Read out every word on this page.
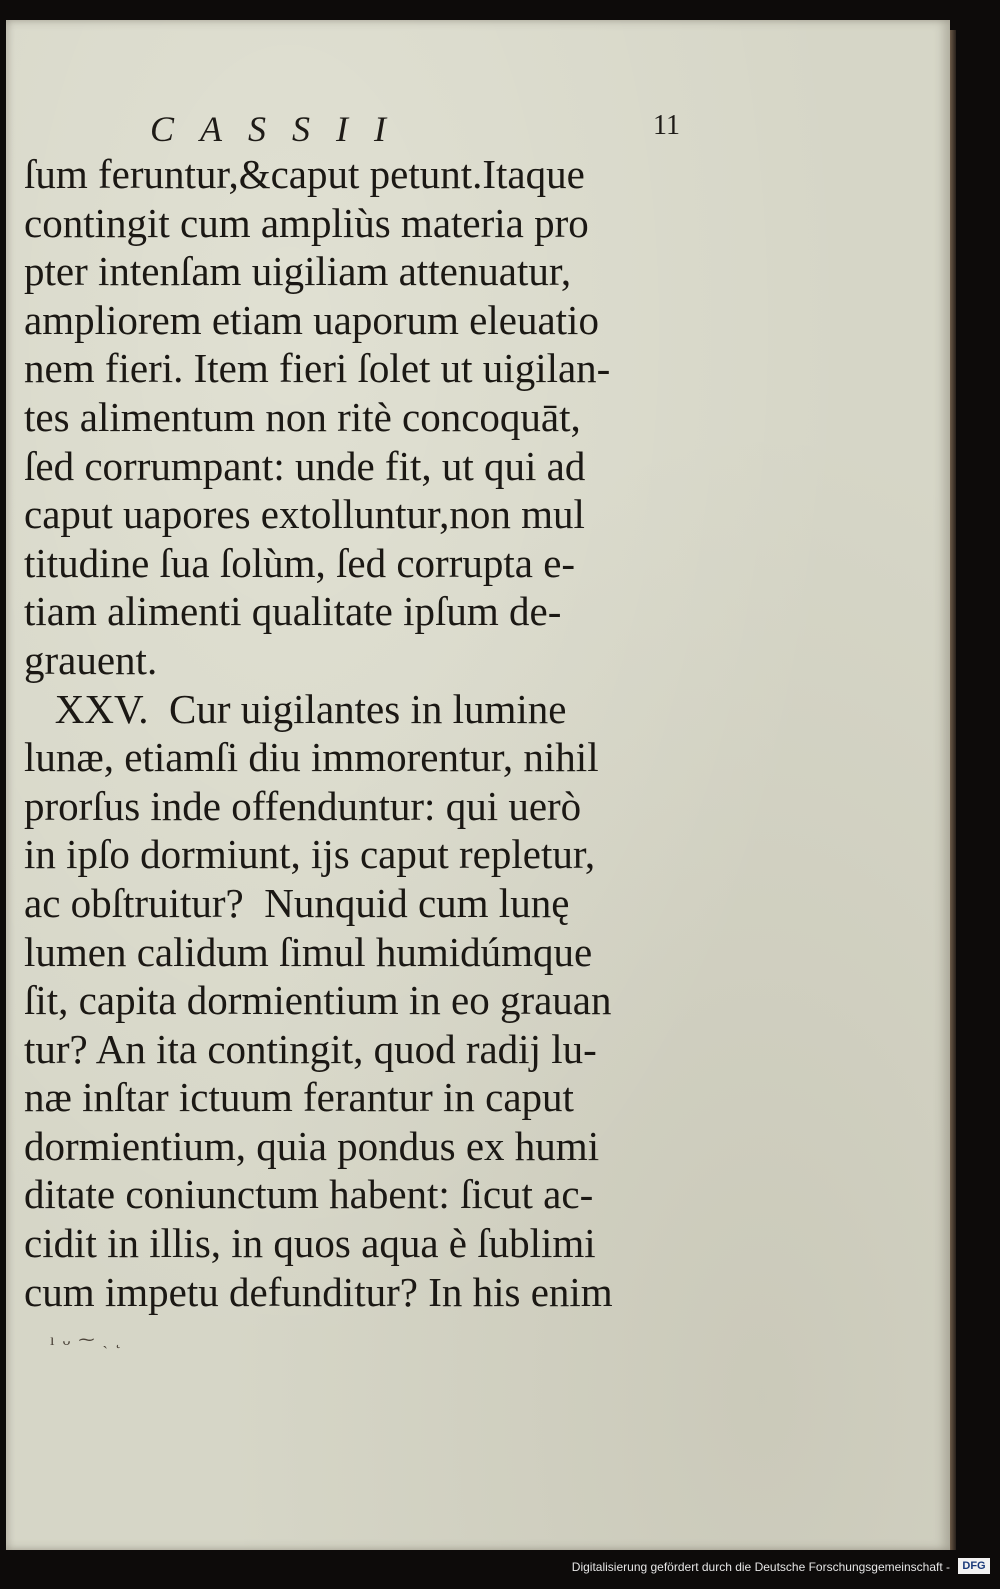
CASSII	11
ſum feruntur,&caput petunt.Itaque
contingit cum ampliùs materia pro
pter intenſam uigiliam attenuatur,
ampliorem etiam uaporum eleuatio
nem fieri. Item fieri ſolet ut uigilan-
tes alimentum non ritè concoquāt,
ſed corrumpant: unde fit, ut qui ad
caput uapores extolluntur,non mul
titudine ſua ſolùm, ſed corrupta e-
tiam alimenti qualitate ipſum de-
grauent.
XXV.  Cur uigilantes in lumine
lunæ, etiamſi diu immorentur, nihil
prorſus inde offenduntur: qui uerò
in ipſo dormiunt, ijs caput repletur,
ac obſtruitur?  Nunquid cum lunę
lumen calidum ſimul humidúmque
ſit, capita dormientium in eo grauan
tur? An ita contingit, quod radij lu-
næ inſtar ictuum ferantur in caput
dormientium, quia pondus ex humi
ditate coniunctum habent: ſicut ac-
cidit in illis, in quos aqua è ſublimi
cum impetu defunditur? In his enim
ı ᴗ ⁓ ˎ ˛
Digitalisierung gefördert durch die Deutsche Forschungsgemeinschaft -	DFG
